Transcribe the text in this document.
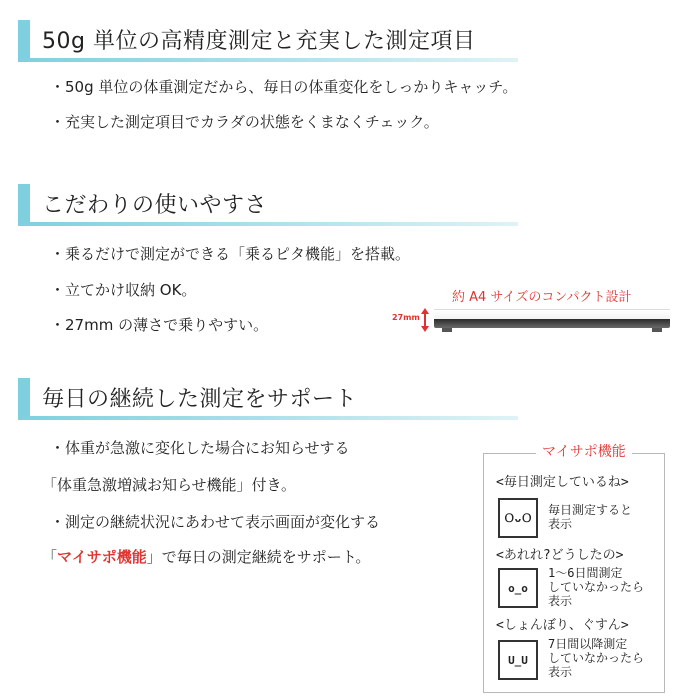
50g 単位の高精度測定と充実した測定項目
・50g 単位の体重測定だから、毎日の体重変化をしっかりキャッチ。
・充実した測定項目でカラダの状態をくまなくチェック。
こだわりの使いやすさ
・乗るだけで測定ができる「乗るピタ機能」を搭載。
・立てかけ収納 OK。
・27mm の薄さで乗りやすい。
約 A4 サイズのコンパクト設計
27mm
毎日の継続した測定をサポート
・体重が急激に変化した場合にお知らせする
「体重急激増減お知らせ機能」付き。
・測定の継続状況にあわせて表示画面が変化する
「マイサポ機能」で毎日の測定継続をサポート。
マイサポ機能
<毎日測定しているね>
ＯᴗＯ
毎日測定すると
表示
<あれれ?どうしたの>
o_o
1〜6日間測定
していなかったら
表示
<しょんぼり、ぐすん>
U_U
7日間以降測定
していなかったら
表示
